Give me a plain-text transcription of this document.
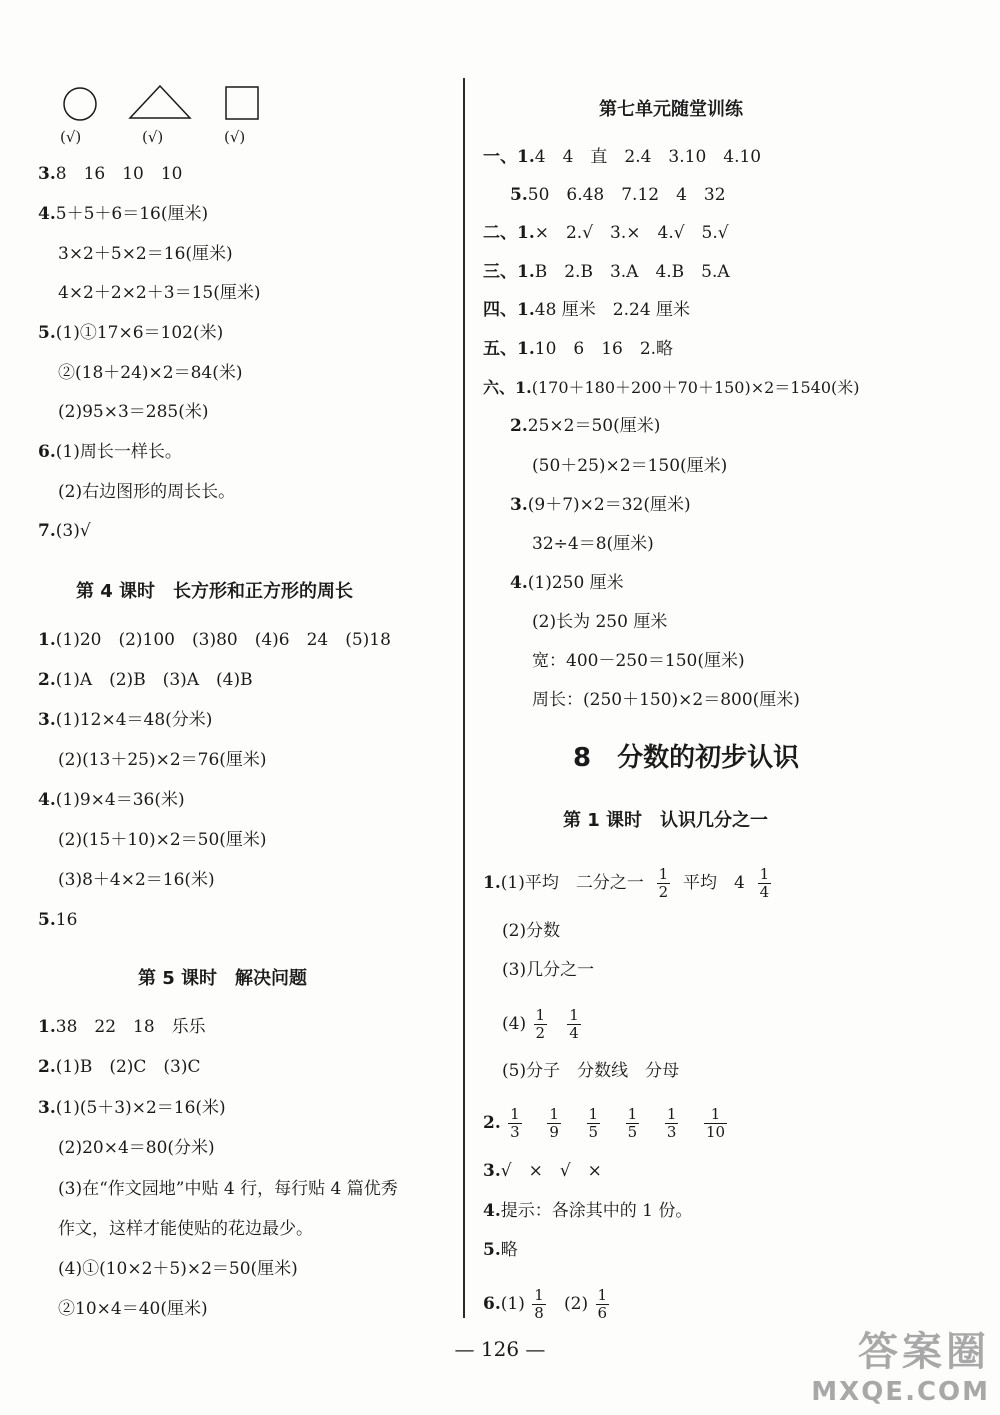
(√)	(√)	(√)
3.8　16　10　10
4.5＋5＋6＝16(厘米)
3×2＋5×2＝16(厘米)
4×2＋2×2＋3＝15(厘米)
5.(1)①17×6＝102(米)
②(18＋24)×2＝84(米)
(2)95×3＝285(米)
6.(1)周长一样长。
(2)右边图形的周长长。
7.(3)√
第 4 课时　长方形和正方形的周长
1.(1)20　(2)100　(3)80　(4)6　24　(5)18
2.(1)A　(2)B　(3)A　(4)B
3.(1)12×4＝48(分米)
(2)(13＋25)×2＝76(厘米)
4.(1)9×4＝36(米)
(2)(15＋10)×2＝50(厘米)
(3)8＋4×2＝16(米)
5.16
第 5 课时　解决问题
1.38　22　18　乐乐
2.(1)B　(2)C　(3)C
3.(1)(5＋3)×2＝16(米)
(2)20×4＝80(分米)
(3)在“作文园地”中贴 4 行，每行贴 4 篇优秀
作文，这样才能使贴的花边最少。
(4)①(10×2＋5)×2＝50(厘米)
②10×4＝40(厘米)
第七单元随堂训练
一、1.4　4　直　2.4　3.10　4.10
5.50　6.48　7.12　4　32
二、1.×　2.√　3.×　4.√　5.√
三、1.B　2.B　3.A　4.B　5.A
四、1.48 厘米　2.24 厘米
五、1.10　6　16　2.略
六、1.(170＋180＋200＋70＋150)×2＝1540(米)
2.25×2＝50(厘米)
(50＋25)×2＝150(厘米)
3.(9＋7)×2＝32(厘米)
32÷4＝8(厘米)
4.(1)250 厘米
(2)长为 250 厘米
宽：400－250＝150(厘米)
周长：(250＋150)×2＝800(厘米)
8　分数的初步认识
第 1 课时　认识几分之一
1.(1)平均　二分之一 $\frac{1}{2}$ 平均　$4 \frac{1}{4}$
(2)分数
(3)几分之一
$(4) \frac{1}{2}$
$\frac{1}{4}$
(5)分子　分数线　分母
2. $\frac{1}{3}$
$\frac{1}{9}$
$\frac{1}{5}$
$\frac{1}{5}$
$\frac{1}{3}$
$\frac{1}{10}$
3.√　×　√　×
4.提示：各涂其中的 1 份。
5.略
$6.(1) \frac{1}{8} (2) \frac{1}{6}$
— 126 —	答案圈
MXQE.COM
